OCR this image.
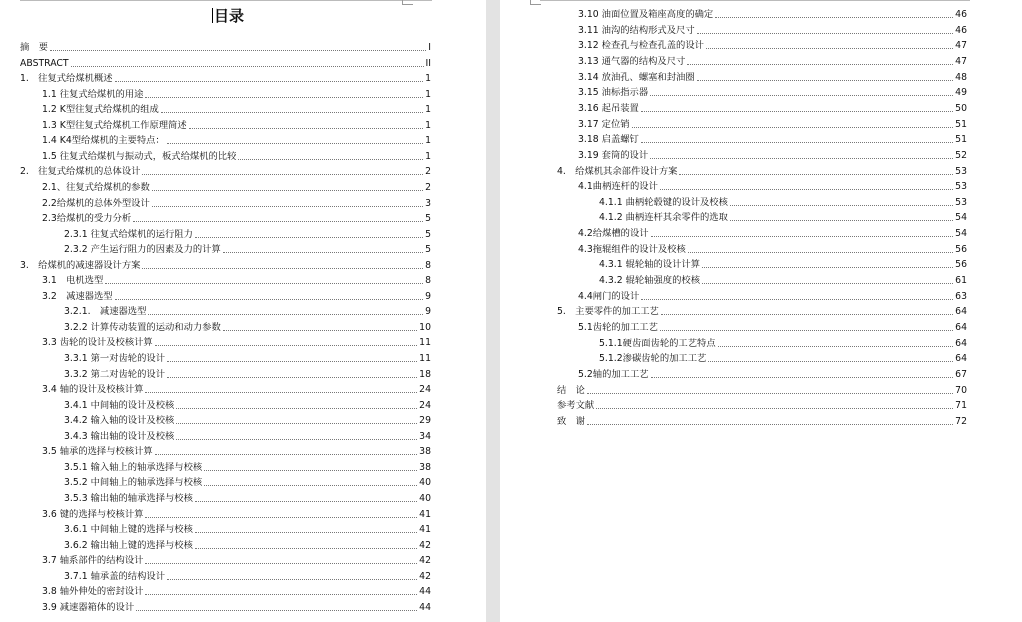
目录
摘　要	I
ABSTRACT	II
1.　往复式给煤机概述	1
1.1 往复式给煤机的用途	1
1.2 K型往复式给煤机的组成	1
1.3 K型往复式给煤机工作原理简述	1
1.4 K4型给煤机的主要特点：	1
1.5 往复式给煤机与振动式，板式给煤机的比较	1
2.　往复式给煤机的总体设计	2
2.1、往复式给煤机的参数	2
2.2给煤机的总体外型设计	3
2.3给煤机的受力分析	5
2.3.1 往复式给煤机的运行阻力	5
2.3.2 产生运行阻力的因素及力的计算	5
3.　给煤机的减速器设计方案	8
3.1　电机选型	8
3.2　减速器选型	9
3.2.1.　减速器选型	9
3.2.2 计算传动装置的运动和动力参数	10
3.3 齿轮的设计及校核计算	11
3.3.1 第一对齿轮的设计	11
3.3.2 第二对齿轮的设计	18
3.4 轴的设计及校核计算	24
3.4.1 中间轴的设计及校核	24
3.4.2 输入轴的设计及校核	29
3.4.3 输出轴的设计及校核	34
3.5 轴承的选择与校核计算	38
3.5.1 输入轴上的轴承选择与校核	38
3.5.2 中间轴上的轴承选择与校核	40
3.5.3 输出轴的轴承选择与校核	40
3.6 键的选择与校核计算	41
3.6.1 中间轴上键的选择与校核	41
3.6.2 输出轴上键的选择与校核	42
3.7 轴系部件的结构设计	42
3.7.1 轴承盖的结构设计	42
3.8 轴外伸处的密封设计	44
3.9 减速器箱体的设计	44
3.10 油面位置及箱座高度的确定	46
3.11 油沟的结构形式及尺寸	46
3.12 检查孔与检查孔盖的设计	47
3.13 通气器的结构及尺寸	47
3.14 放油孔、螺塞和封油圈	48
3.15 油标指示器	49
3.16 起吊装置	50
3.17 定位销	51
3.18 启盖螺钉	51
3.19 套筒的设计	52
4.　给煤机其余部件设计方案	53
4.1曲柄连杆的设计	53
4.1.1 曲柄轮毂键的设计及校核	53
4.1.2 曲柄连杆其余零件的选取	54
4.2给煤槽的设计	54
4.3拖辊组件的设计及校核	56
4.3.1 辊轮轴的设计计算	56
4.3.2 辊轮轴强度的校核	61
4.4闸门的设计	63
5.　主要零件的加工工艺	64
5.1齿轮的加工工艺	64
5.1.1硬齿面齿轮的工艺特点	64
5.1.2渗碳齿轮的加工工艺	64
5.2轴的加工工艺	67
结　论	70
参考文献	71
致　谢	72
